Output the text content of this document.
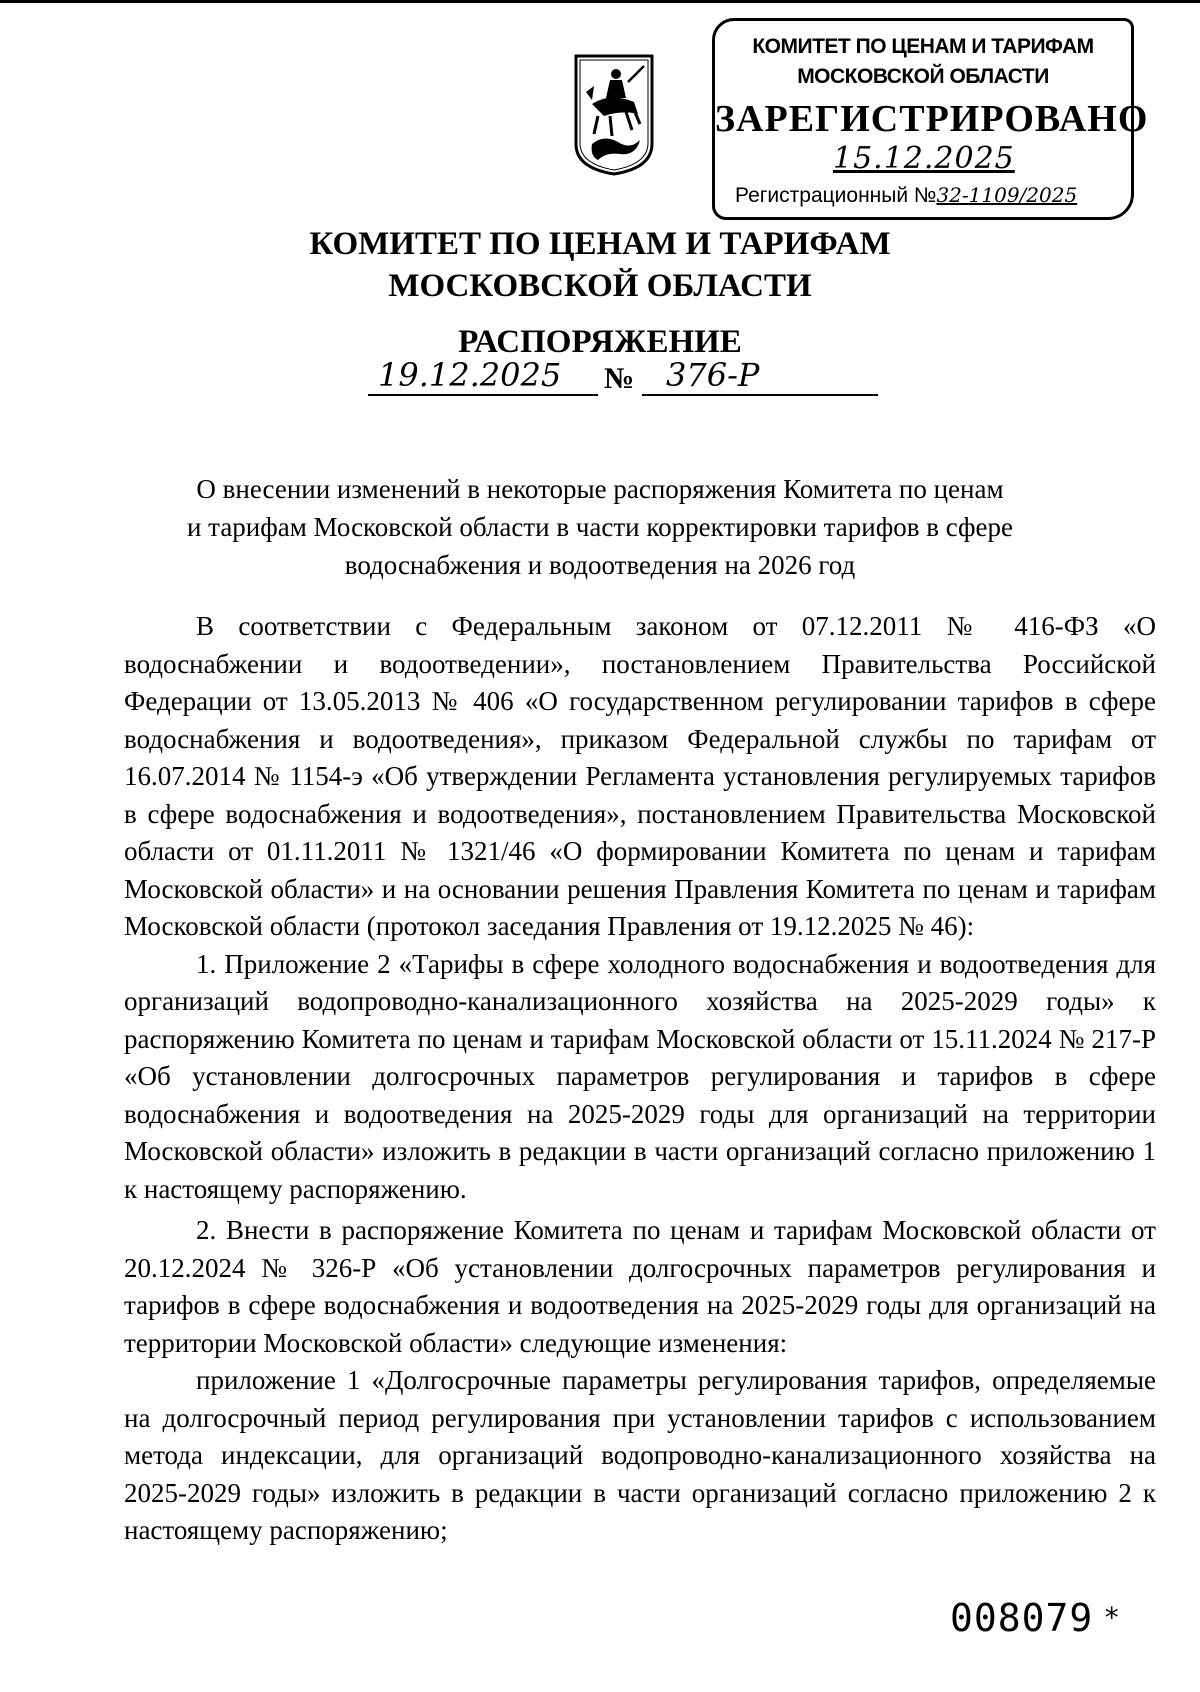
КОМИТЕТ ПО ЦЕНАМ И ТАРИФАМ
МОСКОВСКОЙ ОБЛАСТИ
ЗАРЕГИСТРИРОВАНО
15.12.2025
Регистрационный №32-1109/2025
КОМИТЕТ ПО ЦЕНАМ И ТАРИФАМ
МОСКОВСКОЙ ОБЛАСТИ
РАСПОРЯЖЕНИЕ
19.12.2025 № 376-Р
О внесении изменений в некоторые распоряжения Комитета по ценам
и тарифам Московской области в части корректировки тарифов в сфере
водоснабжения и водоотведения на 2026 год

В соответствии с Федеральным законом от 07.12.2011 № 416-ФЗ «О водоснабжении и водоотведении», постановлением Правительства Российской Федерации от 13.05.2013 № 406 «О государственном регулировании тарифов в сфере водоснабжения и водоотведения», приказом Федеральной службы по тарифам от 16.07.2014 № 1154-э «Об утверждении Регламента установления регулируемых тарифов в сфере водоснабжения и водоотведения», постановлением Правительства Московской области от 01.11.2011 № 1321/46 «О формировании Комитета по ценам и тарифам Московской области» и на основании решения Правления Комитета по ценам и тарифам Московской области (протокол заседания Правления от 19.12.2025 № 46):

1. Приложение 2 «Тарифы в сфере холодного водоснабжения и водоотведения для организаций водопроводно-канализационного хозяйства на 2025-2029 годы» к распоряжению Комитета по ценам и тарифам Московской области от 15.11.2024 № 217-Р «Об установлении долгосрочных параметров регулирования и тарифов в сфере водоснабжения и водоотведения на 2025-2029 годы для организаций на территории Московской области» изложить в редакции в части организаций согласно приложению 1 к настоящему распоряжению.

2. Внести в распоряжение Комитета по ценам и тарифам Московской области от 20.12.2024 № 326-Р «Об установлении долгосрочных параметров регулирования и тарифов в сфере водоснабжения и водоотведения на 2025-2029 годы для организаций на территории Московской области» следующие изменения:

приложение 1 «Долгосрочные параметры регулирования тарифов, определяемые на долгосрочный период регулирования при установлении тарифов с использованием метода индексации, для организаций водопроводно-канализационного хозяйства на 2025-2029 годы» изложить в редакции в части организаций согласно приложению 2 к настоящему распоряжению;

008079 *
